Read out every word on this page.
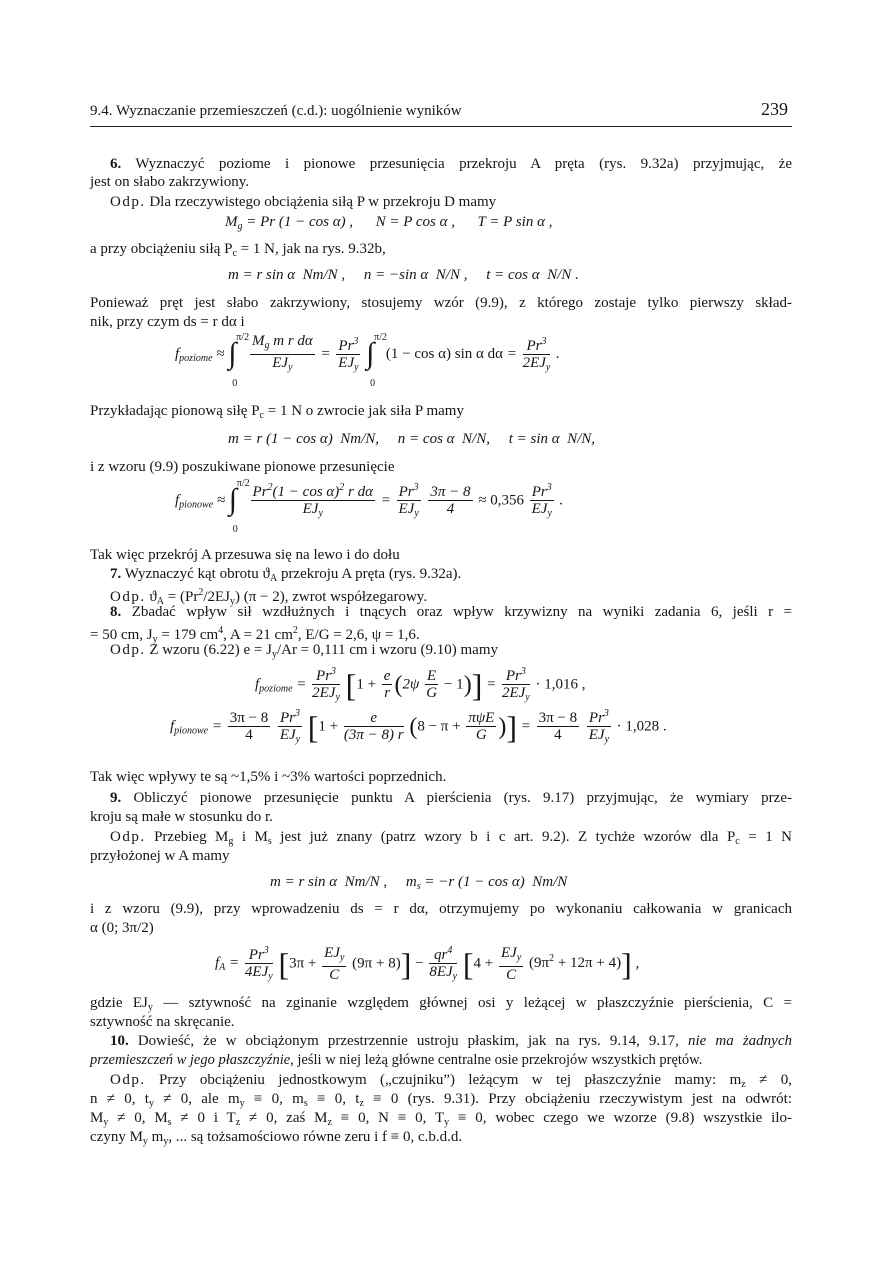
9.4. Wyznaczanie przemieszczeń (c.d.): uogólnienie wyników	239
6. Wyznaczyć poziome i pionowe przesunięcia przekroju A pręta (rys. 9.32a) przyjmując, że
jest on słabo zakrzywiony.
Odp. Dla rzeczywistego obciążenia siłą P w przekroju D mamy
$M_g = Pr$ (1 − cos α) ,      N = P cos α ,      T = P sin α ,
a przy obciążeniu siłą $P_c = 1$ N, jak na rys. 9.32b,
m = r sin α  Nm/N ,     n = −sin α  N/N ,     t = cos α  N/N .
Ponieważ pręt jest słabo zakrzywiony, stosujemy wzór (9.9), z którego zostaje tylko pierwszy skład-
nik, przy czym ds = r dα i
$f_{poziome}$ ≈
π/2
∫
0

$\frac{M_g m r d\alpha}{EJ_y} = \frac{Pr^3}{EJ_y}$
π/2
∫
0
(1 − cos α) sin α $d\alpha = \frac{Pr^3}{2EJ_y}$ .
Przykładając pionową siłę $P_c = 1$ N o zwrocie jak siła P mamy
m = r (1 − cos α)  Nm/N,     n = cos α  N/N,     t = sin α  N/N,
i z wzoru (9.9) poszukiwane pionowe przesunięcie
$f_{pionowe}$ ≈
π/2
∫
0

$\frac{Pr^2(1 - \cos \alpha)^2 r d\alpha}{EJ_y} = \frac{Pr^3}{EJ_y}$
$\frac{3\pi - 8}{4} \approx 0,356 \frac{Pr^3}{EJ_y}$ .
Tak więc przekrój A przesuwa się na lewo i do dołu
7. Wyznaczyć kąt obrotu $ϑ_A$ przekroju A pręta (rys. 9.32a).
Odp. $ϑ_A = (Pr^2/2EJ_y) (\pi - 2)$, zwrot współzegarowy.
8. Zbadać wpływ sił wzdłużnych i tnących oraz wpływ krzywizny na wyniki zadania 6, jeśli r =
= 50 cm, $J_y = 179$ $cm^4$, A = 21 $cm^2$, E/G = 2,6, ψ = 1,6.
Odp. Z wzoru (6.22) $e = J_y/Ar = 0,111$ cm i wzoru (9.10) mamy
$f_{poziome} = \frac{Pr^3}{2EJ_y} [1 + \frac{e}{r} (2\psi \frac{E}{G} - 1)] = \frac{Pr^3}{2EJ_y} \cdot 1,016$ ,
$f_{pionowe} = \frac{3\pi - 8}{4}$
$\frac{Pr^3}{EJ_y} [1 + \frac{e}{(3\pi - 8) r} (8 - \pi + \frac{\text{πψE}}{G}$ )] = $\frac{3\pi - 8}{4}$
$\frac{Pr^3}{EJ_y} \cdot 1,028$ .
Tak więc wpływy te są ~1,5% i ~3% wartości poprzednich.
9. Obliczyć pionowe przesunięcie punktu A pierścienia (rys. 9.17) przyjmując, że wymiary prze-
kroju są małe w stosunku do r.
Odp. Przebieg $M_g$ i $M_s$ jest już znany (patrz wzory b i c art. 9.2). Z tychże wzorów dla $P_c = 1$ N
przyłożonej w A mamy
m = r sin α  Nm/N ,     $m_s = -r$ (1 − cos α)  Nm/N
i z wzoru (9.9), przy wprowadzeniu ds = r dα, otrzymujemy po wykonaniu całkowania w granicach
α (0; 3π/2)
$f_A = \frac{Pr^3}{4EJ_y} [3\pi + \frac{EJ_y}{C} (9\pi + 8)] - \frac{qr^4}{8EJ_y} [4 + \frac{EJ_y}{C} (9\pi^2 + 12\pi + 4)]$ ,
gdzie $EJ_y$ — sztywność na zginanie względem głównej osi y leżącej w płaszczyźnie pierścienia, C =
sztywność na skręcanie.
10. Dowieść, że w obciążonym przestrzennie ustroju płaskim, jak na rys. 9.14, 9.17, nie ma żadnych
przemieszczeń w jego płaszczyźnie, jeśli w niej leżą główne centralne osie przekrojów wszystkich prętów.
Odp. Przy obciążeniu jednostkowym („czujniku”) leżącym w tej płaszczyźnie mamy: $m_z \ne 0$,
n ≠ 0, $t_y \ne 0$, ale $m_y \equiv 0$, $m_s \equiv 0$, $t_z \equiv 0$ (rys. 9.31). Przy obciążeniu rzeczywistym jest na odwrót:
$M_y \ne 0$, $M_s \ne 0$ i $T_z \ne 0$, zaś $M_z \equiv 0$, N ≡ 0, $T_y \equiv 0$, wobec czego we wzorze (9.8) wszystkie ilo-
czyny $M_y$ $m_y$, ... są tożsamościowo równe zeru i f ≡ 0, c.b.d.d.
